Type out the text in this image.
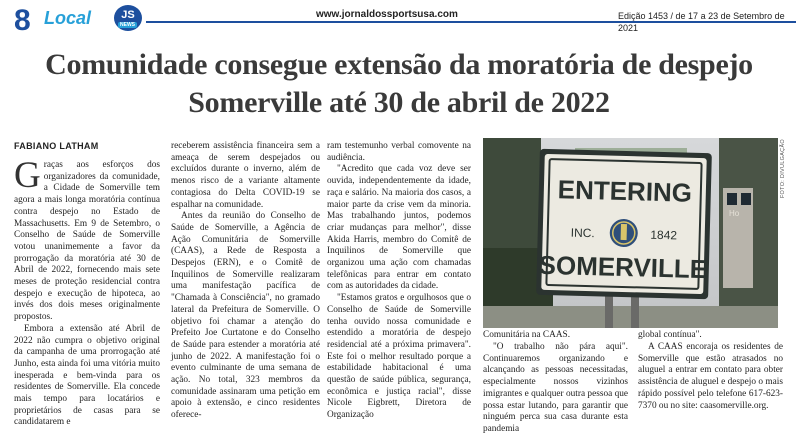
8 Local	JS
NEWS
www.jornaldossportsusa.com	Edição 1453 / de 17 a 23 de Setembro de 2021
Comunidade consegue extensão da moratória de despejo Somerville até 30 de abril de 2022
FABIANO LATHAM

Graças aos esforços dos organizadores da comunidade, a Cidade de Somerville tem agora a mais longa moratória contínua contra despejo no Estado de Massachusetts. Em 9 de Setembro, o Conselho de Saúde de Somerville votou unanimemente a favor da prorrogação da moratória até 30 de Abril de 2022, fornecendo mais sete meses de proteção residencial contra despejo e execução de hipoteca, ao invés dos dois meses originalmente propostos.

Embora a extensão até Abril de 2022 não cumpra o objetivo original da campanha de uma prorrogação até Junho, esta ainda foi uma vitória muito inesperada e bem-vinda para os residentes de Somerville. Ela concede mais tempo para locatários e proprietários de casas para se candidatarem e

receberem assistência financeira sem a ameaça de serem despejados ou excluídos durante o inverno, além de menos risco de a variante altamente contagiosa do Delta COVID-19 se espalhar na comunidade.

Antes da reunião do Conselho de Saúde de Somerville, a Agência de Ação Comunitária de Somerville (CAAS), a Rede de Resposta a Despejos (ERN), e o Comitê de Inquilinos de Somerville realizaram uma manifestação pacífica de "Chamada à Consciência", no gramado lateral da Prefeitura de Somerville. O objetivo foi chamar a atenção do Prefeito Joe Curtatone e do Conselho de Saúde para estender a moratória até junho de 2022. A manifestação foi o evento culminante de uma semana de ação. No total, 323 membros da comunidade assinaram uma petição em apoio à extensão, e cinco residentes oferece-

ram testemunho verbal comovente na audiência.

"Acredito que cada voz deve ser ouvida, independentemente da idade, raça e salário. Na maioria dos casos, a maior parte da crise vem da minoria. Mas trabalhando juntos, podemos criar mudanças para melhor", disse Akida Harris, membro do Comitê de Inquilinos de Somerville que organizou uma ação com chamadas telefônicas para entrar em contato com as autoridades da cidade.

"Estamos gratos e orgulhosos que o Conselho de Saúde de Somerville tenha ouvido nossa comunidade e estendido a moratória de despejo residencial até a próxima primavera". Este foi o melhor resultado porque a estabilidade habitacional é uma questão de saúde pública, segurança, econômica e justiça racial", disse Nicole Eigbrett, Diretora de Organização

Ho
ENTERING
INC.	1842
SOMERVILLE
FOTO: DIVULGAÇÃO

Comunitária na CAAS.

"O trabalho não pára aqui". Continuaremos organizando e alcançando as pessoas necessitadas, especialmente nossos vizinhos imigrantes e qualquer outra pessoa que possa estar lutando, para garantir que ninguém perca sua casa durante esta pandemia

global contínua".

A CAAS encoraja os residentes de Somerville que estão atrasados no aluguel a entrar em contato para obter assistência de aluguel e despejo o mais rápido possível pelo telefone 617-623-7370 ou no site: caasomerville.org.
